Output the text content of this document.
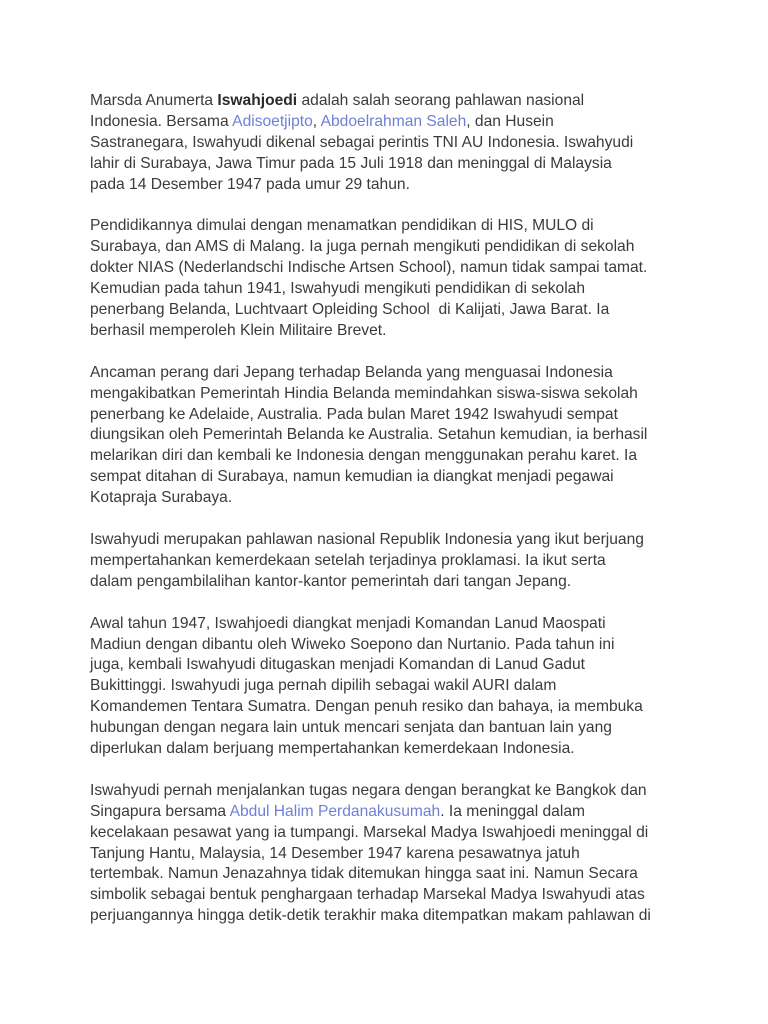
Marsda Anumerta Iswahjoedi adalah salah seorang pahlawan nasional
Indonesia. Bersama Adisoetjipto, Abdoelrahman Saleh, dan Husein
Sastranegara, Iswahyudi dikenal sebagai perintis TNI AU Indonesia. Iswahyudi
lahir di Surabaya, Jawa Timur pada 15 Juli 1918 dan meninggal di Malaysia
pada 14 Desember 1947 pada umur 29 tahun.

Pendidikannya dimulai dengan menamatkan pendidikan di HIS, MULO di
Surabaya, dan AMS di Malang. Ia juga pernah mengikuti pendidikan di sekolah
dokter NIAS (Nederlandschi Indische Artsen School), namun tidak sampai tamat.
Kemudian pada tahun 1941, Iswahyudi mengikuti pendidikan di sekolah
penerbang Belanda, Luchtvaart Opleiding School  di Kalijati, Jawa Barat. Ia
berhasil memperoleh Klein Militaire Brevet.

Ancaman perang dari Jepang terhadap Belanda yang menguasai Indonesia
mengakibatkan Pemerintah Hindia Belanda memindahkan siswa-siswa sekolah
penerbang ke Adelaide, Australia. Pada bulan Maret 1942 Iswahyudi sempat
diungsikan oleh Pemerintah Belanda ke Australia. Setahun kemudian, ia berhasil
melarikan diri dan kembali ke Indonesia dengan menggunakan perahu karet. Ia
sempat ditahan di Surabaya, namun kemudian ia diangkat menjadi pegawai
Kotapraja Surabaya.

Iswahyudi merupakan pahlawan nasional Republik Indonesia yang ikut berjuang
mempertahankan kemerdekaan setelah terjadinya proklamasi. Ia ikut serta
dalam pengambilalihan kantor-kantor pemerintah dari tangan Jepang.

Awal tahun 1947, Iswahjoedi diangkat menjadi Komandan Lanud Maospati
Madiun dengan dibantu oleh Wiweko Soepono dan Nurtanio. Pada tahun ini
juga, kembali Iswahyudi ditugaskan menjadi Komandan di Lanud Gadut
Bukittinggi. Iswahyudi juga pernah dipilih sebagai wakil AURI dalam
Komandemen Tentara Sumatra. Dengan penuh resiko dan bahaya, ia membuka
hubungan dengan negara lain untuk mencari senjata dan bantuan lain yang
diperlukan dalam berjuang mempertahankan kemerdekaan Indonesia.

Iswahyudi pernah menjalankan tugas negara dengan berangkat ke Bangkok dan
Singapura bersama Abdul Halim Perdanakusumah. Ia meninggal dalam
kecelakaan pesawat yang ia tumpangi. Marsekal Madya Iswahjoedi meninggal di
Tanjung Hantu, Malaysia, 14 Desember 1947 karena pesawatnya jatuh
tertembak. Namun Jenazahnya tidak ditemukan hingga saat ini. Namun Secara
simbolik sebagai bentuk penghargaan terhadap Marsekal Madya Iswahyudi atas
perjuangannya hingga detik-detik terakhir maka ditempatkan makam pahlawan di
